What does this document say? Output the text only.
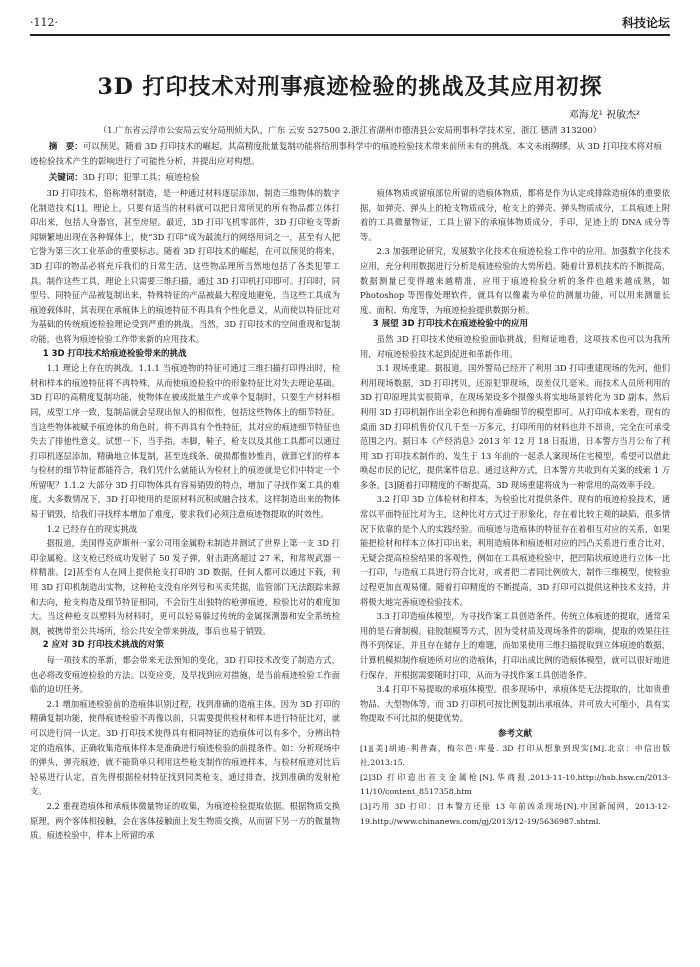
·112·	科技论坛
3D 打印技术对刑事痕迹检验的挑战及其应用初探
邓海龙¹ 祝敏杰²
（1.广东省云浮市公安局云安分局刑侦大队，广东 云安 527500 2.浙江省湖州市德清县公安局刑事科学技术室，浙江 德清 313200）
摘　要：可以预见，随着 3D 打印技术的崛起，其高精度批量复制功能将给刑事科学中的痕迹检验技术带来前所未有的挑战。本文未雨绸缪，从 3D 打印技术将对痕迹检验技术产生的影响进行了可能性分析，并提出应对构想。
关键词：3D 打印；犯罪工具；痕迹检验

3D 打印技术，俗称增材制造，是一种通过材料逐层添加、制造三维物体的数字化制造技术[1]。理论上，只要有适当的材料就可以把日常所见的所有物品都立体打印出来，包括人身器官，甚至房屋。最近，3D 打印飞机零部件，3D 打印枪支等新闻频繁地出现在各种媒体上，使“3D 打印”成为最流行的网络用词之一，甚至有人把它誉为第三次工业革命的重要标志。随着 3D 打印技术的崛起，在可以预见的将来，3D 打印的物品必将充斥我们的日常生活，这些物品理所当然地包括了各类犯罪工具。制作这些工具，理论上只需要三维扫描，通过 3D 打印机打印即可。打印时，同型号、同特征产品被复制出来，特殊特征的产品被最大程度地避免，当这些工具成为痕迹载体时，其表现在承痕体上的痕迹特征不再具有个性化意义，从而使以特征比对为基础的传统痕迹检验理论受到严重的挑战。当然，3D 打印技术的空间重现和复制功能，也将为痕迹检验工作带来新的应用技术。

1 3D 打印技术给痕迹检验带来的挑战

1.1 理论上存在的挑战。1.1.1 当痕迹物的特征可通过三维扫描打印得出时，检材和样本的痕迹特征将不再特殊，从而使痕迹检验中的形象特征比对失去理论基础。3D 打印的高精度复制功能，使物体在被成批量生产或单个复制时，只要生产材料相同，成型工序一致，复制品就会呈现出惊人的相似性，包括这些物体上的细节特征。当这些物体被赋予痕迹体的角色时，将不再具有个性特征，其对应的痕迹细节特征也失去了排他性意义。试想一下，当手指，赤脚，鞋子，枪支以及其他工具都可以通过打印机逐层添加，精确地立体复制，甚至连线条、破损都惟妙惟肖，就算它们的样本与检材的细节特征都能符合，我们凭什么就能认为检材上的痕迹就是它们中特定一个所留呢？1.1.2 大部分 3D 打印物体具有容易销毁的特点，增加了寻找作案工具的难度。大多数情况下，3D 打印使用的是原材料沉积或融合技术，这样制造出来的物体易于销毁，给我们寻找样本增加了难度，要求我们必须注意痕迹物提取的时效性。

1.2 已经存在的现实挑战

据报道，美国得克萨斯州一家公司用金属粉末制造并测试了世界上第一支 3D 打印金属枪。这支枪已经成功发射了 50 发子弹，射击距离超过 27 米，和常规武器一样精准。[2]甚至有人在网上提供枪支打印的 3D 数据，任何人都可以通过下载，利用 3D 打印机制造出实物，这种枪支没有序列号和买卖凭据，监管部门无法跟踪来源和去向，枪支构造及细节特征相同，不会衍生出独特的枪弹痕迹，检验比对的难度加大。当这种枪支以塑料为材料时，更可以轻易躲过传统的金属探测器和安全系统检测，被携带至公共场所，给公共安全带来挑战，事后也易于销毁。

2 应对 3D 打印技术挑战的对策

每一项技术的革新，都会带来无法预知的变化，3D 打印技术改变了制造方式，也必将改变痕迹检验的方法。以变应变，及早找到应对措施，是当前痕迹检验工作面临的迫切任务。

2.1 增加痕迹检验前的造痕体识别过程，找到准确的造痕主体。因为 3D 打印的精确复制功能，使得痕迹检验不再像以前，只需要提供检材和样本进行特征比对，就可以进行同一认定。3D 打印技术使得具有相同特征的造痕体可以有多个，分辨出特定的造痕体，正确收集造痕体样本是准确进行痕迹检验的前提条件。如：分析现场中的弹头，弹壳痕迹，就不能简单只利用这些枪支制作的痕迹样本，与检材痕迹对比后轻易进行认定，首先得根据检材特征找到同类枪支，通过排查，找到准确的发射枪支。

2.2 重视造痕体和承痕体微量物证的收集，为痕迹检验提取依据。根据物质交换原理，两个客体相接触，会在客体接触面上发生物质交换，从而留下另一方的微量物质。痕迹检验中，样本上所留的承

痕体物质或留痕部位所留的造痕体物质，都将是作为认定或排除造痕体的重要依据，如弹壳、弹头上的枪支物质成分，枪支上的弹壳、弹头物质成分，工具痕迹上附着的工具微量物证，工具上留下的承痕体物质成分，手印，足迹上的 DNA 成分等等。

2.3 加强理论研究，发展数字化技术在痕迹检验工作中的应用。加强数字化技术应用，充分利用数据进行分析是痕迹检验的大势所趋。随着计算机技术的不断提高，数据测量已变得越来越精准，应用于痕迹检验分析的条件也越来越成熟，如 Photoshop 等图像处理软件，就具有以像素为单位的测量功能，可以用来测量长度、面积、角度等，为痕迹检验提供数据分析。

3 展望 3D 打印技术在痕迹检验中的应用

虽然 3D 打印技术使痕迹检验面临挑战，但辩证地看，这项技术也可以为我所用，对痕迹检验技术起到促进和革新作用。

3.1 现场重建。据报道，国外警局已经开了利用 3D 打印重建现场的先河，他们利用现场数据，3D 打印拷贝，还原犯罪现场，误差仅几毫米。而技术人员所利用的 3D 打印原理其实很简单，在现场架设多个摄像头将实地场景转化为 3D 副本，然后利用 3D 打印机制作出全彩色和拥有准确细节的模型即可。从打印成本来看，现有的桌面 3D 打印机售价仅几千至一万多元，打印所用的材料也并不昂贵，完全在可承受范围之内。据日本《产经消息》2013 年 12 月 18 日报道，日本警方当月公布了利用 3D 打印技术制作的、发生于 13 年前的一起杀人案现场住宅模型，希望可以借此唤起市民的记忆，提供案件信息。通过这种方式，日本警方共收到有关案的线索 1 万多条。[3]随着打印精度的不断提高，3D 现场重建将成为一种常用的高效率手段。

3.2 打印 3D 立体检材和样本，为检验比对提供条件。现有的痕迹检验技术，通常以平面特征比对为主，这种比对方式过于形象化，存在着比较主观的缺陷，很多情况下依靠的是个人的实践经验。而痕迹与造痕体的特征存在着相互对应的关系，如果能把检材和样本立体打印出来，利用造痕体和痕迹相对应的凹凸关系进行重合比对，无疑会提高检验结果的客观性，例如在工具痕迹检验中，把凹陷状痕迹进行立体一比一打印，与造痕工具进行符合比对，或者把二者同比例放大，制作三维模型，使检验过程更加直观易懂。随着打印精度的不断提高，3D 打印可以提供这种技术支持，并将极大地完善痕迹检验技术。

3.3 打印造痕体模型，为寻找作案工具创造条件。传统立体痕迹的提取，通常采用的是石膏制模，硅胶制模等方式，因为受材质及现场条件的影响，提取的效果往往得不到保证，并且存在储存上的难题，而如果使用三维扫描提取到立体痕迹的数据，计算机模拟制作痕迹所对应的造痕体，打印出成比例的造痕体模型，就可以很好地进行保存，并根据需要随时打印，从而为寻找作案工具创造条件。

3.4 打印不易提取的承痕体模型。很多现场中，承痕体是无法提取的，比如贵重物品、大型物体等，而 3D 打印机可按比例复制出承痕体，并可放大可缩小，具有实物提取不可比拟的便捷优势。

参考文献

[1][美]胡迪·利普森，梅尔芭·库曼. 3D 打印从想象到现实[M].北京：中信出版社,2013:15.

[2]3D 打印造出首支金属枪[N].华商报,2013-11-10.http://hsb.hsw.cn/2013-11/10/content_8517358.htm

[3]巧用 3D 打印：日本警方还原 13 年前凶杀现场[N].中国新闻网，2013-12-19.http://www.chinanews.com/gj/2013/12-19/5636987.shtml.
